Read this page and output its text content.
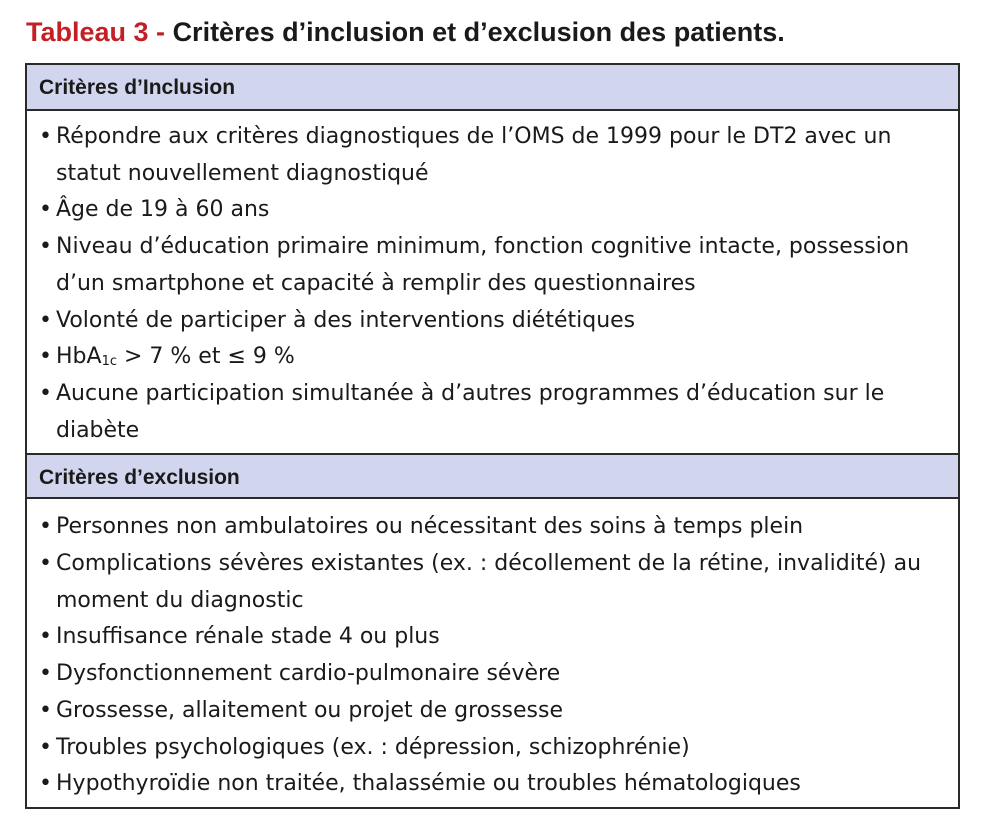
Tableau 3 - Critères d’inclusion et d’exclusion des patients.
Critères d’Inclusion
• Répondre aux critères diagnostiques de l’OMS de 1999 pour le DT2 avec un statut nouvellement diagnostiqué
• Âge de 19 à 60 ans
• Niveau d’éducation primaire minimum, fonction cognitive intacte, possession d’un smartphone et capacité à remplir des questionnaires
• Volonté de participer à des interventions diététiques
• HbA$_{1c}$ > 7 % et ≤ 9 %
• Aucune participation simultanée à d’autres programmes d’éducation sur le diabète
Critères d’exclusion
• Personnes non ambulatoires ou nécessitant des soins à temps plein
• Complications sévères existantes (ex. : décollement de la rétine, invalidité) au moment du diagnostic
• Insuffisance rénale stade 4 ou plus
• Dysfonctionnement cardio-pulmonaire sévère
• Grossesse, allaitement ou projet de grossesse
• Troubles psychologiques (ex. : dépression, schizophrénie)
• Hypothyroïdie non traitée, thalassémie ou troubles hématologiques
